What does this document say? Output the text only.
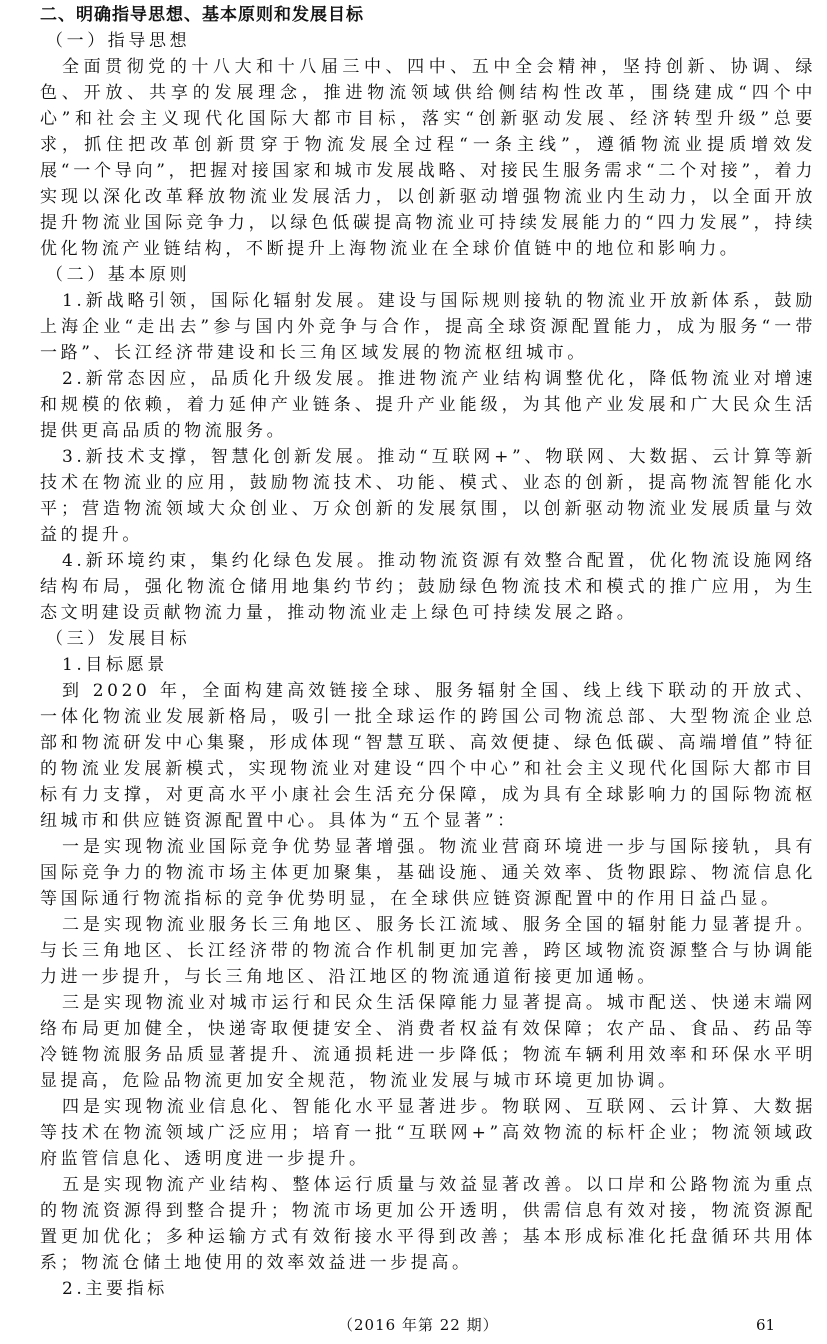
二、明确指导思想、基本原则和发展目标

（一）指导思想

全面贯彻党的十八大和十八届三中、四中、五中全会精神，坚持创新、协调、绿色、开放、共享的发展理念，推进物流领域供给侧结构性改革，围绕建成“四个中心”和社会主义现代化国际大都市目标，落实“创新驱动发展、经济转型升级”总要求，抓住把改革创新贯穿于物流发展全过程“一条主线”，遵循物流业提质增效发展“一个导向”，把握对接国家和城市发展战略、对接民生服务需求“二个对接”，着力实现以深化改革释放物流业发展活力，以创新驱动增强物流业内生动力，以全面开放提升物流业国际竞争力，以绿色低碳提高物流业可持续发展能力的“四力发展”，持续优化物流产业链结构，不断提升上海物流业在全球价值链中的地位和影响力。

（二）基本原则

1.新战略引领，国际化辐射发展。建设与国际规则接轨的物流业开放新体系，鼓励上海企业“走出去”参与国内外竞争与合作，提高全球资源配置能力，成为服务“一带一路”、长江经济带建设和长三角区域发展的物流枢纽城市。

2.新常态因应，品质化升级发展。推进物流产业结构调整优化，降低物流业对增速和规模的依赖，着力延伸产业链条、提升产业能级，为其他产业发展和广大民众生活提供更高品质的物流服务。

3.新技术支撑，智慧化创新发展。推动“互联网+”、物联网、大数据、云计算等新技术在物流业的应用，鼓励物流技术、功能、模式、业态的创新，提高物流智能化水平；营造物流领域大众创业、万众创新的发展氛围，以创新驱动物流业发展质量与效益的提升。

4.新环境约束，集约化绿色发展。推动物流资源有效整合配置，优化物流设施网络结构布局，强化物流仓储用地集约节约；鼓励绿色物流技术和模式的推广应用，为生态文明建设贡献物流力量，推动物流业走上绿色可持续发展之路。

（三）发展目标

1.目标愿景

到 2020 年，全面构建高效链接全球、服务辐射全国、线上线下联动的开放式、一体化物流业发展新格局，吸引一批全球运作的跨国公司物流总部、大型物流企业总部和物流研发中心集聚，形成体现“智慧互联、高效便捷、绿色低碳、高端增值”特征的物流业发展新模式，实现物流业对建设“四个中心”和社会主义现代化国际大都市目标有力支撑，对更高水平小康社会生活充分保障，成为具有全球影响力的国际物流枢纽城市和供应链资源配置中心。具体为“五个显著”：

一是实现物流业国际竞争优势显著增强。物流业营商环境进一步与国际接轨，具有国际竞争力的物流市场主体更加聚集，基础设施、通关效率、货物跟踪、物流信息化等国际通行物流指标的竞争优势明显，在全球供应链资源配置中的作用日益凸显。

二是实现物流业服务长三角地区、服务长江流域、服务全国的辐射能力显著提升。与长三角地区、长江经济带的物流合作机制更加完善，跨区域物流资源整合与协调能力进一步提升，与长三角地区、沿江地区的物流通道衔接更加通畅。

三是实现物流业对城市运行和民众生活保障能力显著提高。城市配送、快递末端网络布局更加健全，快递寄取便捷安全、消费者权益有效保障；农产品、食品、药品等冷链物流服务品质显著提升、流通损耗进一步降低；物流车辆利用效率和环保水平明显提高，危险品物流更加安全规范，物流业发展与城市环境更加协调。

四是实现物流业信息化、智能化水平显著进步。物联网、互联网、云计算、大数据等技术在物流领域广泛应用；培育一批“互联网+”高效物流的标杆企业；物流领域政府监管信息化、透明度进一步提升。

五是实现物流产业结构、整体运行质量与效益显著改善。以口岸和公路物流为重点的物流资源得到整合提升；物流市场更加公开透明，供需信息有效对接，物流资源配置更加优化；多种运输方式有效衔接水平得到改善；基本形成标准化托盘循环共用体系；物流仓储土地使用的效率效益进一步提高。

2.主要指标

（2016 年第 22 期）	61
